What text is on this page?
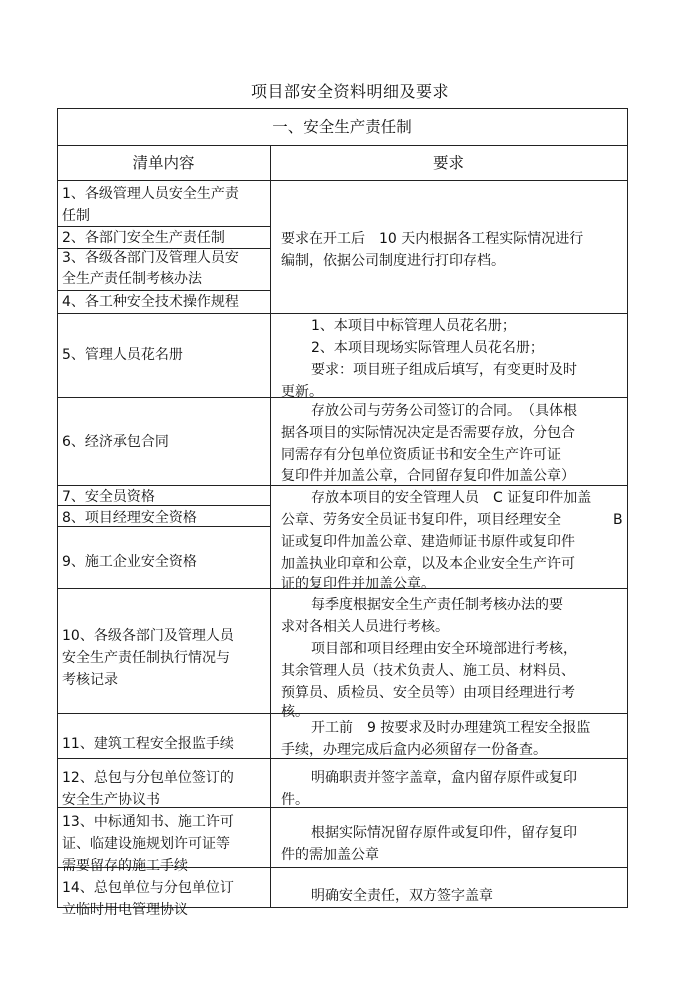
项目部安全资料明细及要求
一、安全生产责任制
清单内容	要求
1、各级管理人员安全生产责
任制
2、各部门安全生产责任制
3、各级各部门及管理人员安
全生产责任制考核办法
4、各工种安全技术操作规程
5、管理人员花名册
6、经济承包合同
7、安全员资格
8、项目经理安全资格
9、施工企业安全资格
10、各级各部门及管理人员
安全生产责任制执行情况与
考核记录
11、建筑工程安全报监手续
12、总包与分包单位签订的
安全生产协议书
13、中标通知书、施工许可
证、临建设施规划许可证等
需要留存的施工手续
14、总包单位与分包单位订
立临时用电管理协议
要求在开工后　10 天内根据各工程实际情况进行
编制，依据公司制度进行打印存档。
1、本项目中标管理人员花名册；
2、本项目现场实际管理人员花名册；
要求：项目班子组成后填写，有变更时及时
更新。
存放公司与劳务公司签订的合同。　（具体根
据各项目的实际情况决定是否需要存放，分包合
同需存有分包单位资质证书和安全生产许可证
复印件并加盖公章，合同留存复印件加盖公章）
存放本项目的安全管理人员　C 证复印件加盖
公章、劳务安全员证书复印件，项目经理安全
证或复印件加盖公章、建造师证书原件或复印件
加盖执业印章和公章，以及本企业安全生产许可
证的复印件并加盖公章。
B
每季度根据安全生产责任制考核办法的要
求对各相关人员进行考核。
项目部和项目经理由安全环境部进行考核，
其余管理人员（技术负责人、施工员、材料员、
预算员、质检员、安全员等）由项目经理进行考
核。
开工前　9 按要求及时办理建筑工程安全报监
手续，办理完成后盒内必须留存一份备查。
明确职责并签字盖章，盒内留存原件或复印
件。
根据实际情况留存原件或复印件，留存复印
件的需加盖公章
明确安全责任，双方签字盖章
